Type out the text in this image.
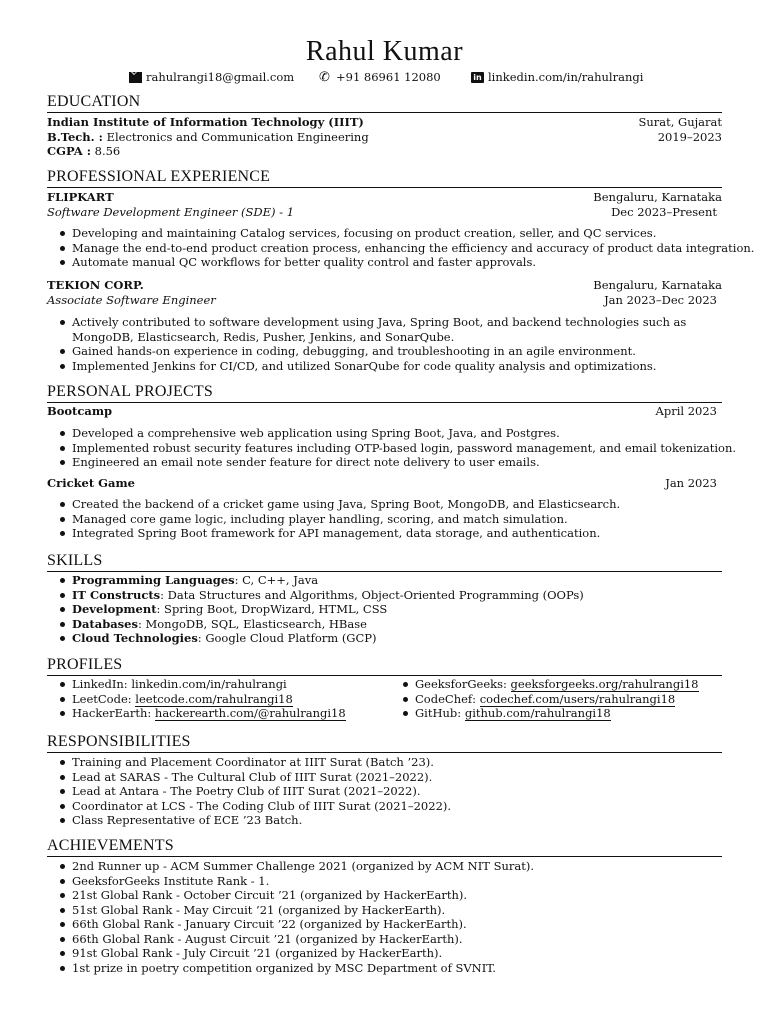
Rahul Kumar
rahulrangi18@gmail.com ✆ +91 86961 12080	in linkedin.com/in/rahulrangi
EDUCATION
Indian Institute of Information Technology (IIIT)	Surat, Gujarat
B.Tech. : Electronics and Communication Engineering	2019–2023
CGPA : 8.56
PROFESSIONAL EXPERIENCE
FLIPKART	Bengaluru, Karnataka
Software Development Engineer (SDE) - 1	Dec 2023–Present
Developing and maintaining Catalog services, focusing on product creation, seller, and QC services.
Manage the end-to-end product creation process, enhancing the efficiency and accuracy of product data integration.
Automate manual QC workflows for better quality control and faster approvals.
TEKION CORP.	Bengaluru, Karnataka
Associate Software Engineer	Jan 2023–Dec 2023
Actively contributed to software development using Java, Spring Boot, and backend technologies such as MongoDB, Elasticsearch, Redis, Pusher, Jenkins, and SonarQube.
Gained hands-on experience in coding, debugging, and troubleshooting in an agile environment.
Implemented Jenkins for CI/CD, and utilized SonarQube for code quality analysis and optimizations.
PERSONAL PROJECTS
Bootcamp	April 2023
Developed a comprehensive web application using Spring Boot, Java, and Postgres.
Implemented robust security features including OTP-based login, password management, and email tokenization.
Engineered an email note sender feature for direct note delivery to user emails.
Cricket Game	Jan 2023
Created the backend of a cricket game using Java, Spring Boot, MongoDB, and Elasticsearch.
Managed core game logic, including player handling, scoring, and match simulation.
Integrated Spring Boot framework for API management, data storage, and authentication.
SKILLS
Programming Languages: C, C++, Java
IT Constructs: Data Structures and Algorithms, Object-Oriented Programming (OOPs)
Development: Spring Boot, DropWizard, HTML, CSS
Databases: MongoDB, SQL, Elasticsearch, HBase
Cloud Technologies: Google Cloud Platform (GCP)
PROFILES
LinkedIn: linkedin.com/in/rahulrangi
LeetCode: leetcode.com/rahulrangi18
HackerEarth: hackerearth.com/@rahulrangi18
GeeksforGeeks: geeksforgeeks.org/rahulrangi18
CodeChef: codechef.com/users/rahulrangi18
GitHub: github.com/rahulrangi18
RESPONSIBILITIES
Training and Placement Coordinator at IIIT Surat (Batch ’23).
Lead at SARAS - The Cultural Club of IIIT Surat (2021–2022).
Lead at Antara - The Poetry Club of IIIT Surat (2021–2022).
Coordinator at LCS - The Coding Club of IIIT Surat (2021–2022).
Class Representative of ECE ’23 Batch.
ACHIEVEMENTS
2nd Runner up - ACM Summer Challenge 2021 (organized by ACM NIT Surat).
GeeksforGeeks Institute Rank - 1.
21st Global Rank - October Circuit ’21 (organized by HackerEarth).
51st Global Rank - May Circuit ’21 (organized by HackerEarth).
66th Global Rank - January Circuit ’22 (organized by HackerEarth).
66th Global Rank - August Circuit ’21 (organized by HackerEarth).
91st Global Rank - July Circuit ’21 (organized by HackerEarth).
1st prize in poetry competition organized by MSC Department of SVNIT.
